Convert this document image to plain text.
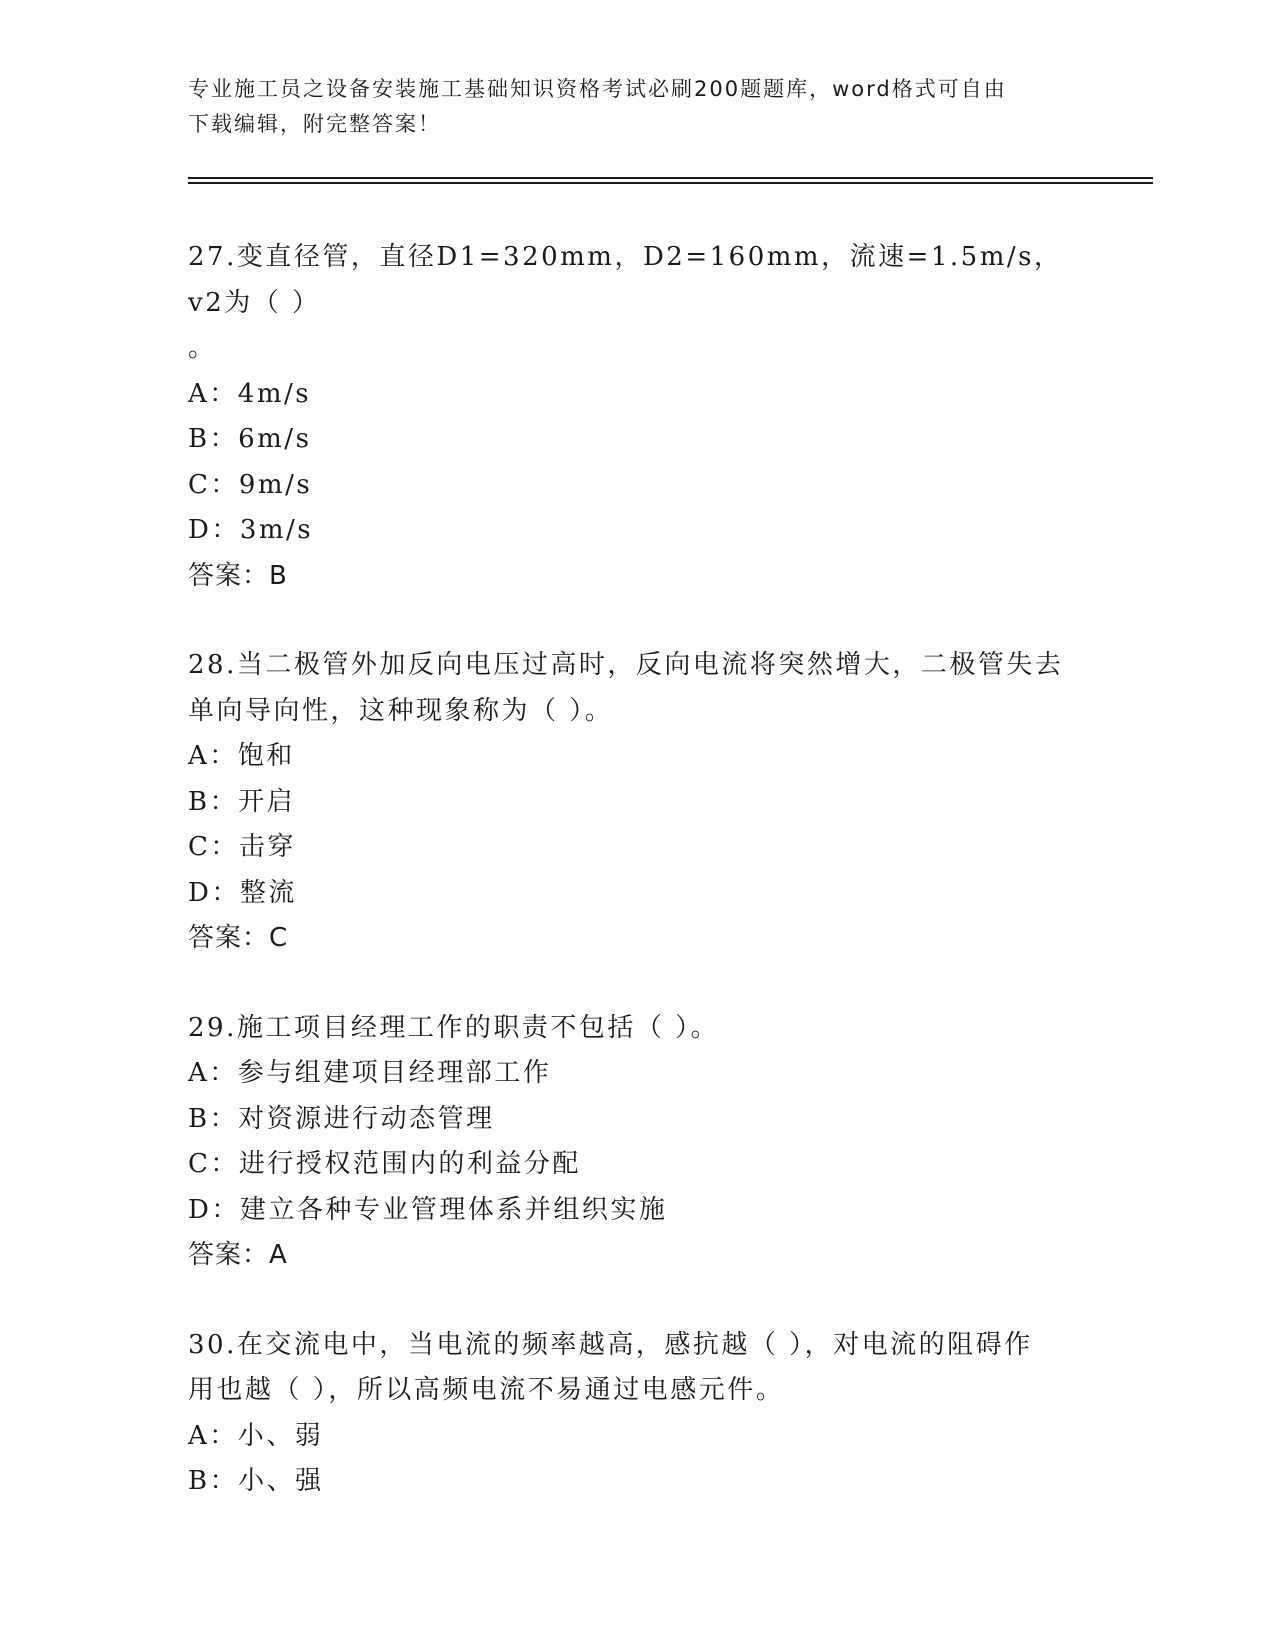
专业施工员之设备安装施工基础知识资格考试必刷200题题库，word格式可自由
下载编辑，附完整答案！

27.变直径管，直径D1=320mm，D2=160mm，流速=1.5m/s，v2为（ ）

。

A：4m/s

B：6m/s

C：9m/s

D：3m/s

答案：B

28.当二极管外加反向电压过高时，反向电流将突然增大，二极管失去

单向导向性，这种现象称为（ ）。

A：饱和

B：开启

C：击穿

D：整流

答案：C

29.施工项目经理工作的职责不包括（ ）。

A：参与组建项目经理部工作

B：对资源进行动态管理

C：进行授权范围内的利益分配

D：建立各种专业管理体系并组织实施

答案：A

30.在交流电中，当电流的频率越高，感抗越（ ），对电流的阻碍作

用也越（ ），所以高频电流不易通过电感元件。

A：小、弱

B：小、强
